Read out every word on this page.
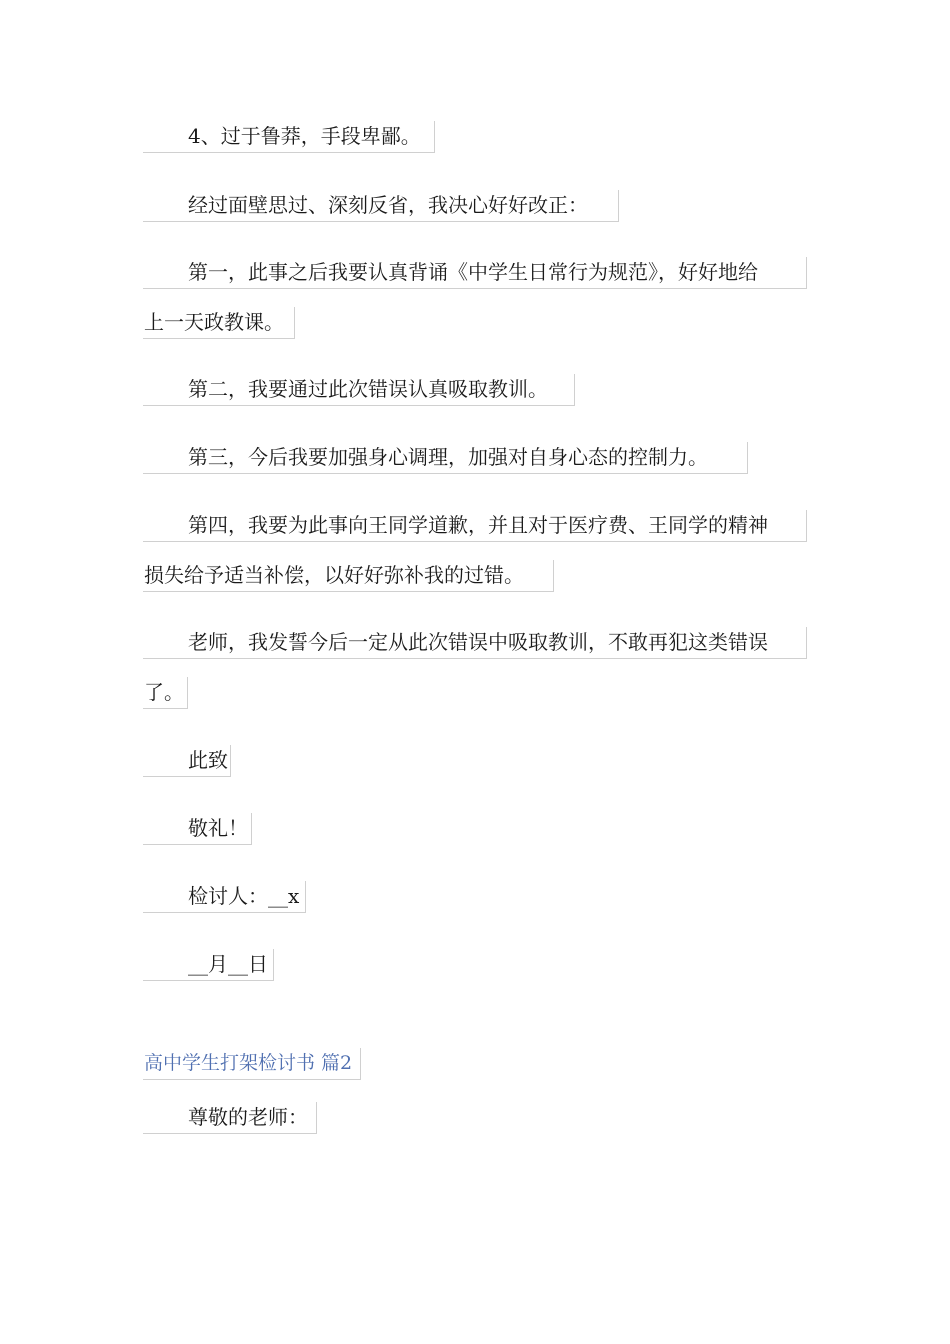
4、过于鲁莽，手段卑鄙。
经过面壁思过、深刻反省，我决心好好改正：
第一，此事之后我要认真背诵《中学生日常行为规范》，好好地给
上一天政教课。
第二，我要通过此次错误认真吸取教训。
第三，今后我要加强身心调理，加强对自身心态的控制力。
第四，我要为此事向王同学道歉，并且对于医疗费、王同学的精神
损失给予适当补偿，以好好弥补我的过错。
老师，我发誓今后一定从此次错误中吸取教训，不敢再犯这类错误
了。
此致
敬礼！
检讨人：__x
__月__日
高中学生打架检讨书 篇2
尊敬的老师：
